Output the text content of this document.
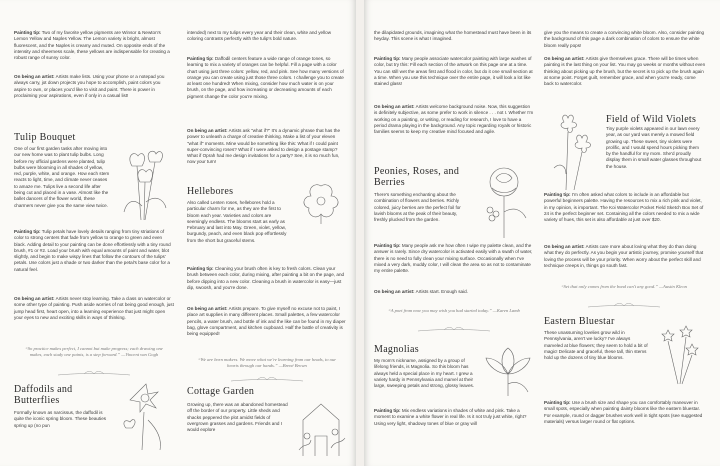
Painting tip: Two of my favorite yellow pigments are Winsor & Newton's Lemon Yellow and Naples Yellow. The Lemon variety is bright, almost fluorescent, and the Naples is creamy and muted. On opposite ends of the intensity and sheerness scale, these yellows are indispensable for creating a robust range of sunny color.

On being an artist: Artists make lists. Using your phone or a notepad you always carry, jot down projects you hope to accomplish, paint colors you aspire to own, or places you'd like to visit and paint. There is power in proclaiming your aspirations, even if only in a casual list!

Tulip Bouquet

One of our first garden tasks after moving into our new home was to plant tulip bulbs. Long before my official gardens were planted, tulip bulbs were blooming in all shades of yellow, red, purple, white, and orange. How each stem reacts to light, time, and climate never ceases to amaze me. Tulips live a second life after being cut and placed in a vase. Almost like the ballet dancers of the flower world, these charmers never give you the same view twice.

Painting tip: Tulip petals have lovely details ranging from tiny striations of color to strong centers that fade from yellow to orange to green and even black. Adding detail to your painting can be done effortlessly with a tiny round brush, #1 or #2. Load your brush with equal amounts of paint and water, blot slightly, and begin to make wispy lines that follow the contours of the tulips' petals. Use colors just a shade or two darker than the petal's base color for a natural feel.

On being an artist: Artists never stop learning. Take a class on watercolor or some other type of painting. Push aside worries of not being good enough, just jump head first, heart open, into a learning experience that just might open your eyes to new and exciting skills in ways of thinking.

“So practice makes perfect, I cannot but make progress; each drawing one makes, each study one paints, is a step forward.” —Vincent van Gogh
Daffodils and Butterflies

Formally known as narcissus, the daffodil is quite the iconic spring bloom. These beauties spring up (no pun

intended) next to my tulips every year and their clean, white and yellow coloring contrasts perfectly with the tulip's bold nature.

Painting tip: Daffodil centers feature a wide range of orange tones, so learning to mix a variety of oranges can be helpful. Fill a page with a color chart using just three colors: yellow, red, and pink. See how many versions of orange you can create using just those three colors. I challenge you to create at least one hundred! When mixing, consider how much water is on your brush, on the page, and how increasing or decreasing amounts of each pigment change the color you're mixing.

On being an artist: Artists ask "what if?" It's a dynamic phrase that has the power to unleash a charge of creative thinking. Make a list of your eleven "what if" moments. Mine would be something like this: What if I could paint super-convincing roses? What if I were asked to design a postage stamp? What if Oprah had me design invitations for a party? See, it is so much fun, now your turn!

Hellebores

Also called Lenten roses, hellebores hold a particular charm for me, as they are the first to bloom each year. Varieties and colors are seemingly endless. The blooms start as early as February and last into May. Green, violet, yellow, burgundy, peach, and even black pop effortlessly from the short but graceful stems.

Painting tip: Cleaning your brush often is key to fresh colors. Clean your brush between each color, during mixing, after painting a bit on the page, and before dipping into a new color. Cleaning a brush in watercolor is easy—just dip, swoosh, and you're done.

On being an artist: Artists prepare. To give myself no excuse not to paint, I place art supplies in many different places. Small palettes, a few watercolor pencils, a water brush, and bottle of ink and the like can be found in my diaper bag, glove compartment, and kitchen cupboard. Half the battle of creativity is being equipped!

“We are born makers. We move what we're learning from our heads, to our hearts through our hands.” —Brené Brown
Cottage Garden

Growing up, there was an abandoned homestead off the border of our property. Little sheds and shacks peppered the plot amidst fields of overgrown grasses and gardens. Friends and I would explore

the dilapidated grounds, imagining what the homestead must have been in its heyday. This scene is what I imagined.

Painting tip: Many people associate watercolor painting with large washes of color, but try this: Fill each section of the artwork on this page one at a time. You can still wet the areas first and flood in color, but do it one small section at a time. When you use this technique over the entire page, it will look a lot like stained glass!

On being an artist: Artists welcome background noise. Now, this suggestion is definitely subjective, as some prefer to work in silence . . . not I. Whether I'm working on a painting, or writing, or reading for research, I love to have a period drama playing in the background. Any topic regarding royals or historic families seems to keep my creative mind focused and agile.

Peonies, Roses, and Berries

There's something enchanting about the combination of flowers and berries. Richly colored, juicy berries are the perfect foil for lavish blooms at the peak of their beauty, freshly plucked from the garden.

Painting tip: Many people ask me how often I wipe my palette clean, and the answer is rarely. Since dry watercolor is activated easily with a swath of water, there is no need to fully clean your mixing surface. Occasionally when I've mixed a very dark, muddy color, I will clean the area so as not to contaminate my entire palette.

On being an artist: Artists start. Enough said.

“A poet from now you may wish you had started today.” —Karen Lamb
Magnolias

My mom's nickname, assigned by a group of lifelong friends, is Magnolia. So this bloom has always held a special place in my heart. I grew a variety hardy in Pennsylvania and marvel at their large, sweeping petals and strong, glossy leaves.

Painting tip: Mix endless variations in shades of white and pink. Take a moment to examine a white flower in real life. Is it not truly just white, right? Using very light, shadowy tones of blue or gray will

give you the means to create a convincing white bloom. Also, consider painting the background of this page a dark combination of colors to ensure the white bloom really pops!

On being an artist: Artists give themselves grace. There will be times when painting is the last thing on your list. You may go weeks or months without even thinking about picking up the brush, but the secret is to pick up the brush again at some point. Forget guilt, remember grace, and when you're ready, come back to watercolor.

Field of Wild Violets

Tiny purple violets appeared in our lawn every year, as our yard was merely a mowed field growing up. These sweet, tiny violets were prolific, and I would spend hours picking them by the handful for my mom. She'd proudly display them in small water glasses throughout the house.

Painting tip: I'm often asked what colors to include in an affordable but powerful beginners palette. Having the resources to mix a rich pink and violet, in my opinion, is important. The Koi Watercolor Pocket Field Sketch Box Set of 24 is the perfect beginner set. Containing all the colors needed to mix a wide variety of hues, this set is also affordable at just over $20.

On being an artist: Artists care more about loving what they do than doing what they do perfectly. As you begin your artistic journey, promise yourself that loving the process will be your priority. When worry about the perfect skill and technique creeps in, things go south fast.

“Set that only comes from the bond can't any good.” —Austin Kleon
Eastern Bluestar

These unassuming lovelies grow wild in Pennsylvania, aren't we lucky? I've always marveled at blue flowers; they seem to hold a bit of magic! Delicate and graceful, these tall, thin stems hold up the dozens of tiny blue blooms.

Painting tip: Use a brush size and shape you can comfortably maneuver in small spots, especially when painting dainty blooms like the eastern bluestar. For example, round or dagger brushes work well in tight spots (see suggested materials) versus larger round or flat options.
